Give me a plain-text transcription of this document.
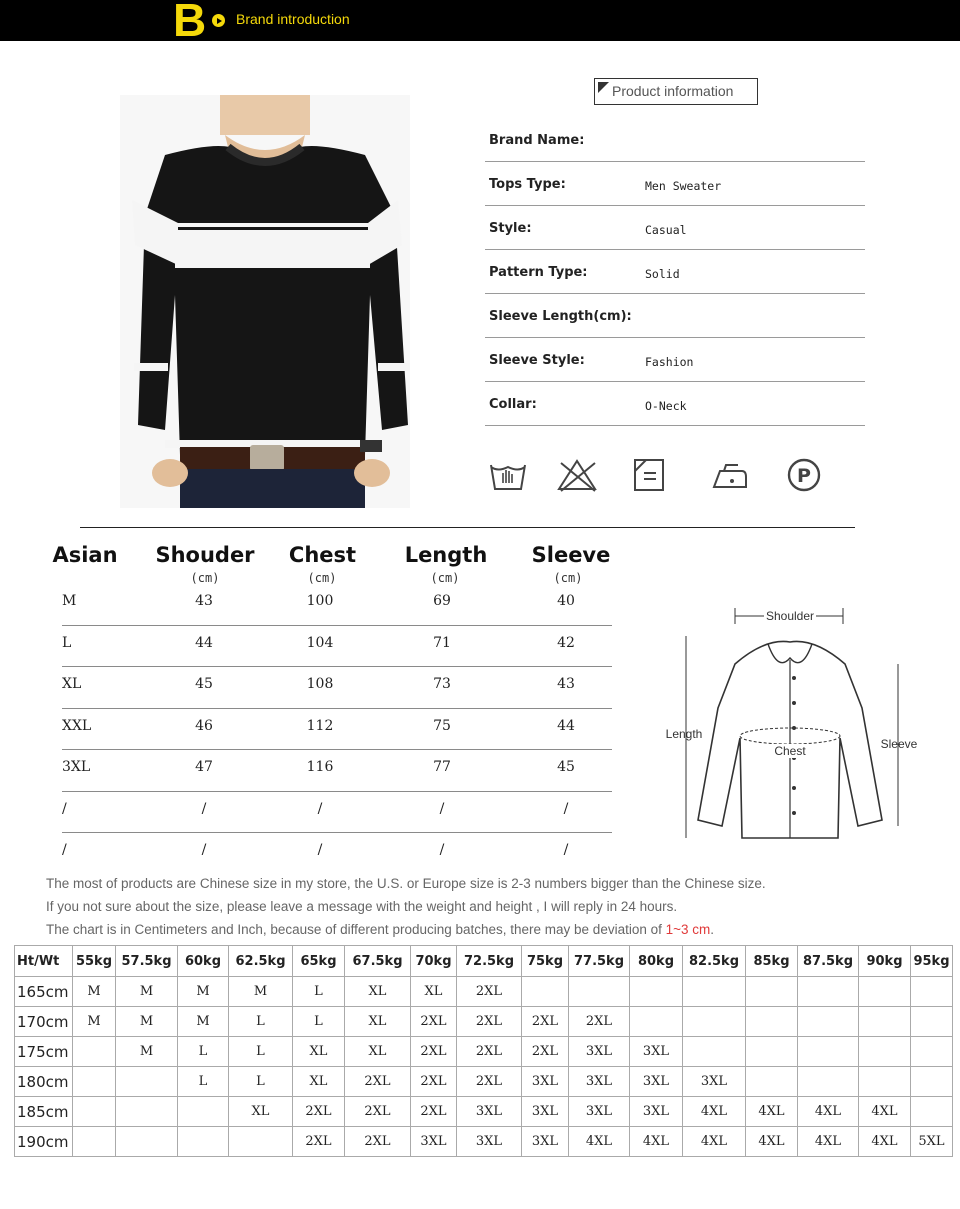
B Brand introduction
Product information
Brand Name:
Tops Type:	Men Sweater
Style:	Casual
Pattern Type:	Solid
Sleeve Length(cm):
Sleeve Style:	Fashion
Collar:	O-Neck
P
Asian Shouder Chest Length Sleeve
(cm)	(cm)	(cm)	(cm)
M	43	100	69	40
L	44	104	71	42
XL	45	108	73	43
XXL	46	112	75	44
3XL	47	116	77	45
/	/	/	/	/
/	/	/	/	/
Shoulder
Length
Sleeve
Chest
The most of products are Chinese size in my store, the U.S. or Europe size is 2-3 numbers bigger than the Chinese size.
If you not sure about the size, please leave a message with the weight and height , I will reply in 24 hours.
The chart is in Centimeters and Inch, because of different producing batches, there may be deviation of 1~3 cm.
Ht/Wt	55kg	57.5kg	60kg	62.5kg	65kg	67.5kg	70kg	72.5kg	75kg	77.5kg	80kg	82.5kg	85kg	87.5kg	90kg	95kg
165cm	M	M	M	M	L	XL	XL	2XL								
170cm	M	M	M	L	L	XL	2XL	2XL	2XL	2XL						
175cm		M	L	L	XL	XL	2XL	2XL	2XL	3XL	3XL					
180cm			L	L	XL	2XL	2XL	2XL	3XL	3XL	3XL	3XL				
185cm				XL	2XL	2XL	2XL	3XL	3XL	3XL	3XL	4XL	4XL	4XL	4XL	
190cm					2XL	2XL	3XL	3XL	3XL	4XL	4XL	4XL	4XL	4XL	4XL	5XL
